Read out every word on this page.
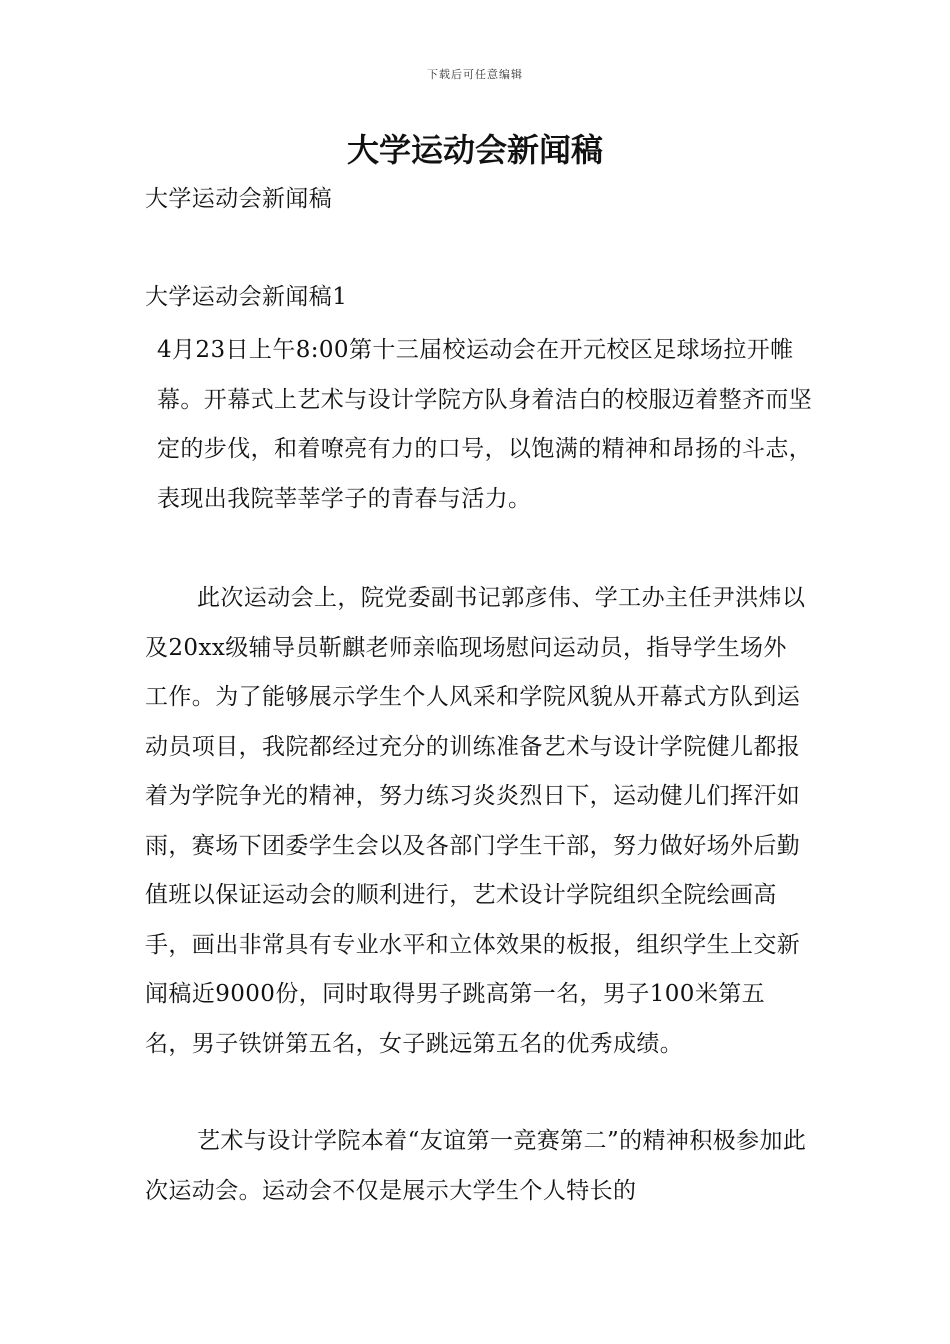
下载后可任意编辑
大学运动会新闻稿

大学运动会新闻稿

大学运动会新闻稿1

4月23日上午8:00第十三届校运动会在开元校区足球场拉开帷幕。开幕式上艺术与设计学院方队身着洁白的校服迈着整齐而坚定的步伐，和着嘹亮有力的口号，以饱满的精神和昂扬的斗志，表现出我院莘莘学子的青春与活力。

此次运动会上，院党委副书记郭彦伟、学工办主任尹洪炜以及20xx级辅导员靳麒老师亲临现场慰问运动员，指导学生场外工作。为了能够展示学生个人风采和学院风貌从开幕式方队到运动员项目，我院都经过充分的训练准备艺术与设计学院健儿都报着为学院争光的精神，努力练习炎炎烈日下，运动健儿们挥汗如雨，赛场下团委学生会以及各部门学生干部，努力做好场外后勤值班以保证运动会的顺利进行，艺术设计学院组织全院绘画高手，画出非常具有专业水平和立体效果的板报，组织学生上交新闻稿近9000份，同时取得男子跳高第一名，男子100米第五名，男子铁饼第五名，女子跳远第五名的优秀成绩。

艺术与设计学院本着“友谊第一竞赛第二”的精神积极参加此次运动会。运动会不仅是展示大学生个人特长的
